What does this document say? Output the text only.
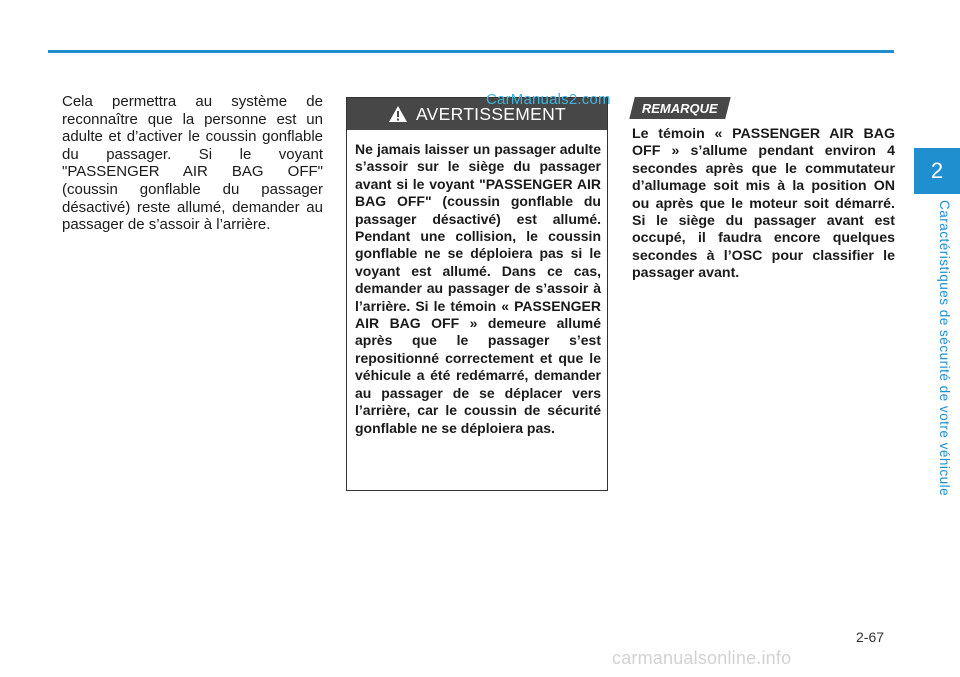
Cela permettra au système de reconnaître que la personne est un adulte et d’activer le coussin gonflable du passager. Si le voyant "PASSENGER AIR BAG OFF" (coussin gonflable du passager désactivé) reste allumé, demander au passager de s’assoir à l’arrière.
AVERTISSEMENT
Ne jamais laisser un passager adulte s’assoir sur le siège du passager avant si le voyant "PASSENGER AIR BAG OFF" (coussin gonflable du passager désactivé) est allumé. Pendant une collision, le coussin gonflable ne se déploiera pas si le voyant est allumé. Dans ce cas, demander au passager de s’assoir à l’arrière. Si le témoin « PASSENGER AIR BAG OFF » demeure allumé après que le passager s’est repositionné correctement et que le véhicule a été redémarré, demander au passager de se déplacer vers l’arrière, car le coussin de sécurité gonflable ne se déploiera pas.
CarManuals2.com REMARQUE
Le témoin « PASSENGER AIR BAG OFF » s’allume pendant environ 4 secondes après que le commutateur d’allumage soit mis à la position ON ou après que le moteur soit démarré. Si le siège du passager avant est occupé, il faudra encore quelques secondes à l’OSC pour classifier le passager avant.
2
Caractéristiques de sécurité de votre véhicule
2-67
carmanualsonline.info
